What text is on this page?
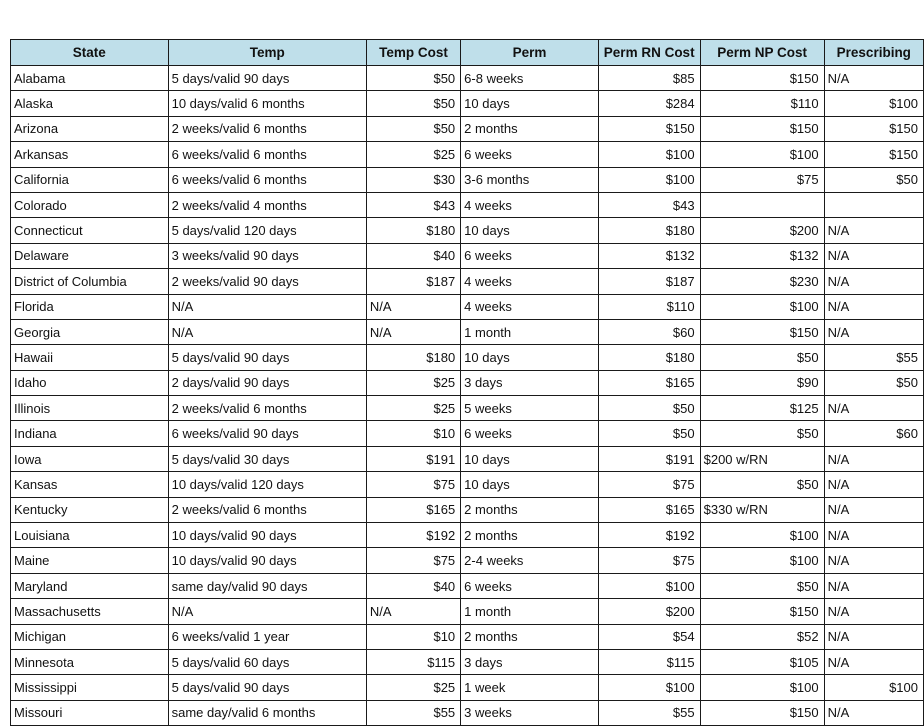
State	Temp	Temp Cost	Perm	Perm RN Cost	Perm NP Cost	Prescribing
Alabama	5 days/valid 90 days	$50	6-8 weeks	$85	$150	N/A
Alaska	10 days/valid 6 months	$50	10 days	$284	$110	$100
Arizona	2 weeks/valid 6 months	$50	2 months	$150	$150	$150
Arkansas	6 weeks/valid 6 months	$25	6 weeks	$100	$100	$150
California	6 weeks/valid 6 months	$30	3-6 months	$100	$75	$50
Colorado	2 weeks/valid 4 months	$43	4 weeks	$43		
Connecticut	5 days/valid 120 days	$180	10 days	$180	$200	N/A
Delaware	3 weeks/valid 90 days	$40	6 weeks	$132	$132	N/A
District of Columbia	2 weeks/valid 90 days	$187	4 weeks	$187	$230	N/A
Florida	N/A	N/A	4 weeks	$110	$100	N/A
Georgia	N/A	N/A	1 month	$60	$150	N/A
Hawaii	5 days/valid 90 days	$180	10 days	$180	$50	$55
Idaho	2 days/valid 90 days	$25	3 days	$165	$90	$50
Illinois	2 weeks/valid 6 months	$25	5 weeks	$50	$125	N/A
Indiana	6 weeks/valid 90 days	$10	6 weeks	$50	$50	$60
Iowa	5 days/valid 30 days	$191	10 days	$191	$200 w/RN	N/A
Kansas	10 days/valid 120 days	$75	10 days	$75	$50	N/A
Kentucky	2 weeks/valid 6 months	$165	2 months	$165	$330 w/RN	N/A
Louisiana	10 days/valid 90 days	$192	2 months	$192	$100	N/A
Maine	10 days/valid 90 days	$75	2-4 weeks	$75	$100	N/A
Maryland	same day/valid 90 days	$40	6 weeks	$100	$50	N/A
Massachusetts	N/A	N/A	1 month	$200	$150	N/A
Michigan	6 weeks/valid 1 year	$10	2 months	$54	$52	N/A
Minnesota	5 days/valid 60 days	$115	3 days	$115	$105	N/A
Mississippi	5 days/valid 90 days	$25	1 week	$100	$100	$100
Missouri	same day/valid 6 months	$55	3 weeks	$55	$150	N/A
